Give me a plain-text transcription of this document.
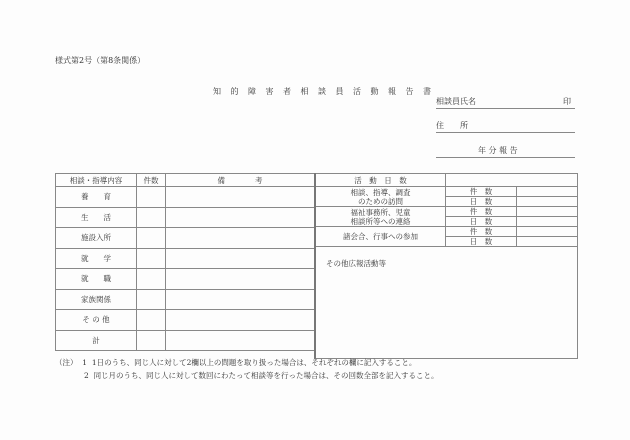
様式第2号（第8条関係）
知的障害者相談員活動報告書
相談員氏名	印
住　　所
年 分 報 告
相談・指導内容	件数	備　　　　考
養　　育		
生　　活		
施設入所		
就　　学		
就　　職		
家族関係		
そ の 他		
計		
活　動　日　数		
相談、指導、調査
のための訪問	件　数	
	日　数	
福祉事務所、児童
相談所等への連絡	件　数	
	日　数	
諸会合、行事への参加	件　数	
	日　数	
その他広報活動等		
（注） 1 1日のうち、同じ人に対して2欄以上の問題を取り扱った場合は、それぞれの欄に記入すること。
2 同じ月のうち、同じ人に対して数回にわたって相談等を行った場合は、その回数全部を記入すること。
